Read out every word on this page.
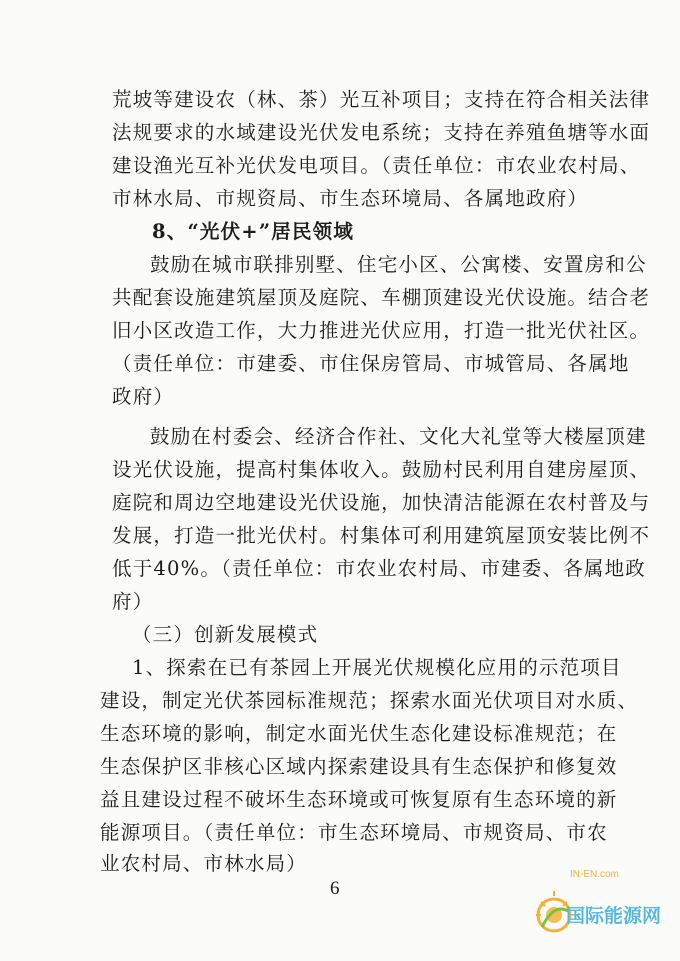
荒坡等建设农（林、茶）光互补项目；支持在符合相关法律
法规要求的水域建设光伏发电系统；支持在养殖鱼塘等水面
建设渔光互补光伏发电项目。（责任单位：市农业农村局、
市林水局、市规资局、市生态环境局、各属地政府）
8、“光伏+”居民领域
鼓励在城市联排别墅、住宅小区、公寓楼、安置房和公
共配套设施建筑屋顶及庭院、车棚顶建设光伏设施。结合老
旧小区改造工作，大力推进光伏应用，打造一批光伏社区。
（责任单位：市建委、市住保房管局、市城管局、各属地
政府）
鼓励在村委会、经济合作社、文化大礼堂等大楼屋顶建
设光伏设施，提高村集体收入。鼓励村民利用自建房屋顶、
庭院和周边空地建设光伏设施，加快清洁能源在农村普及与
发展，打造一批光伏村。村集体可利用建筑屋顶安装比例不
低于40%。（责任单位：市农业农村局、市建委、各属地政
府）
（三）创新发展模式
1、探索在已有茶园上开展光伏规模化应用的示范项目
建设，制定光伏茶园标准规范；探索水面光伏项目对水质、
生态环境的影响，制定水面光伏生态化建设标准规范；在
生态保护区非核心区域内探索建设具有生态保护和修复效
益且建设过程不破坏生态环境或可恢复原有生态环境的新
能源项目。（责任单位：市生态环境局、市规资局、市农
业农村局、市林水局）
6
IN-EN.com
国际能源网
